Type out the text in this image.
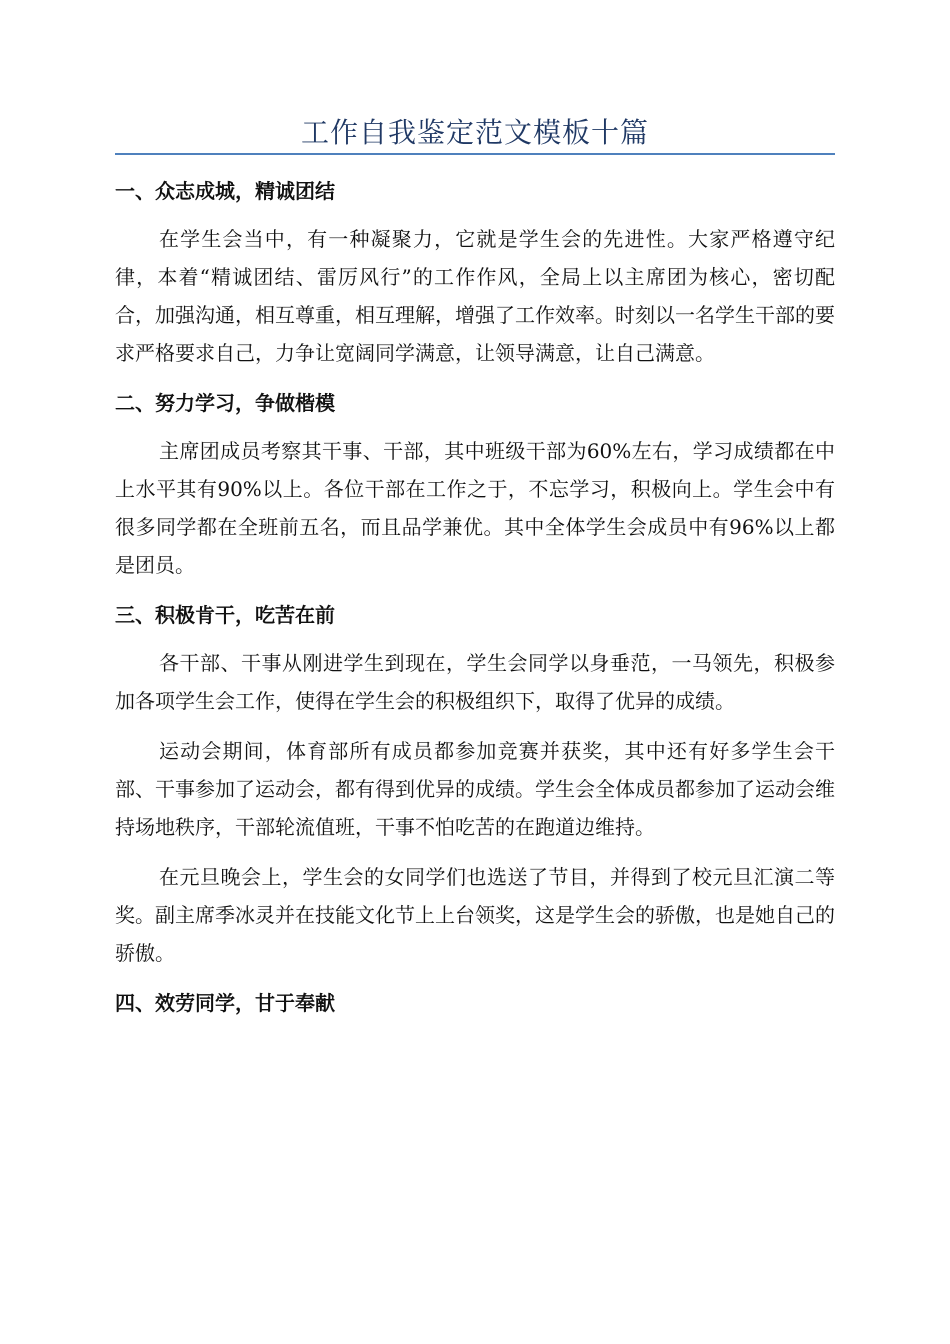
工作自我鉴定范文模板十篇
一、众志成城，精诚团结

在学生会当中，有一种凝聚力，它就是学生会的先进性。大家严格遵守纪律，本着“精诚团结、雷厉风行”的工作作风，全局上以主席团为核心，密切配合，加强沟通，相互尊重，相互理解，增强了工作效率。时刻以一名学生干部的要求严格要求自己，力争让宽阔同学满意，让领导满意，让自己满意。

二、努力学习，争做楷模

主席团成员考察其干事、干部，其中班级干部为60%左右，学习成绩都在中上水平其有90%以上。各位干部在工作之于，不忘学习，积极向上。学生会中有很多同学都在全班前五名，而且品学兼优。其中全体学生会成员中有96%以上都是团员。

三、积极肯干，吃苦在前

各干部、干事从刚进学生到现在，学生会同学以身垂范，一马领先，积极参加各项学生会工作，使得在学生会的积极组织下，取得了优异的成绩。

运动会期间，体育部所有成员都参加竞赛并获奖，其中还有好多学生会干部、干事参加了运动会，都有得到优异的成绩。学生会全体成员都参加了运动会维持场地秩序，干部轮流值班，干事不怕吃苦的在跑道边维持。

在元旦晚会上，学生会的女同学们也选送了节目，并得到了校元旦汇演二等奖。副主席季冰灵并在技能文化节上上台领奖，这是学生会的骄傲，也是她自己的骄傲。

四、效劳同学，甘于奉献
